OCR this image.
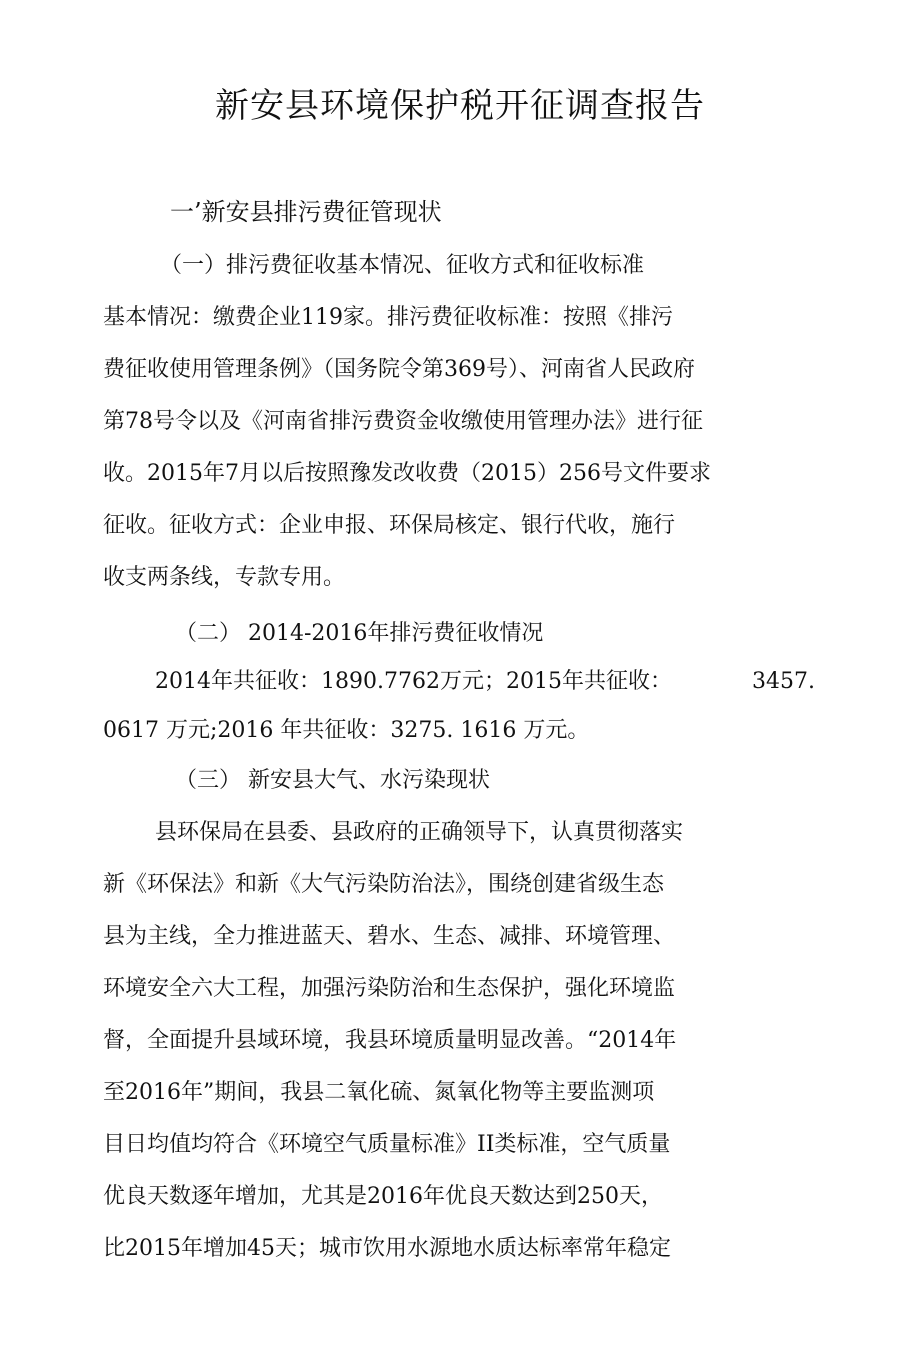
新安县环境保护税开征调查报告
一’新安县排污费征管现状
（一）排污费征收基本情况、征收方式和征收标准
基本情况：缴费企业119家。排污费征收标准：按照《排污
费征收使用管理条例》（国务院令第369号）、河南省人民政府
第78号令以及《河南省排污费资金收缴使用管理办法》进行征
收。2015年7月以后按照豫发改收费（2015）256号文件要求
征收。征收方式：企业申报、环保局核定、银行代收，施行
收支两条线，专款专用。
（二） 2014-2016年排污费征收情况
2014年共征收：1890.7762万元；2015年共征收：	3457.
0617 万元;2016 年共征收：3275. 1616 万元。
（三） 新安县大气、水污染现状
县环保局在县委、县政府的正确领导下，认真贯彻落实
新《环保法》和新《大气污染防治法》，围绕创建省级生态
县为主线，全力推进蓝天、碧水、生态、减排、环境管理、
环境安全六大工程，加强污染防治和生态保护，强化环境监
督，全面提升县域环境，我县环境质量明显改善。“2014年
至2016年”期间，我县二氧化硫、氮氧化物等主要监测项
目日均值均符合《环境空气质量标准》II类标准，空气质量
优良天数逐年增加，尤其是2016年优良天数达到250天，
比2015年增加45天；城市饮用水源地水质达标率常年稳定
